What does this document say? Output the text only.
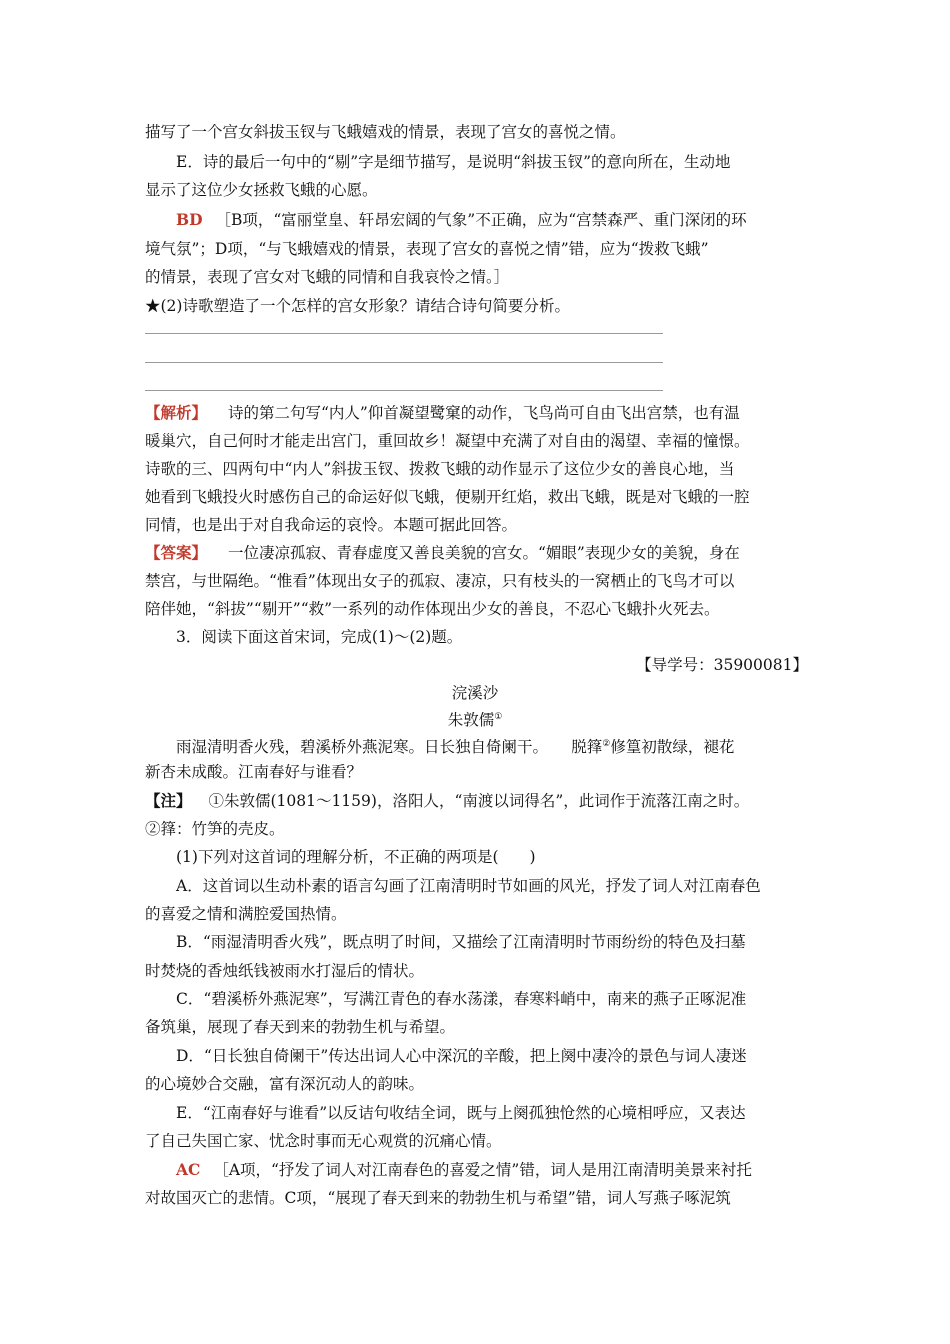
描写了一个宫女斜拔玉钗与飞蛾嬉戏的情景，表现了宫女的喜悦之情。
E．诗的最后一句中的“剔”字是细节描写，是说明“斜拔玉钗”的意向所在，生动地
显示了这位少女拯救飞蛾的心愿。
BD ［B项，“富丽堂皇、轩昂宏阔的气象”不正确，应为“宫禁森严、重门深闭的环
境气氛”；D项，“与飞蛾嬉戏的情景，表现了宫女的喜悦之情”错，应为“拨救飞蛾”
的情景，表现了宫女对飞蛾的同情和自我哀怜之情。］
★(2)诗歌塑造了一个怎样的宫女形象？请结合诗句简要分析。
【解析】 诗的第二句写“内人”仰首凝望鹭窠的动作，飞鸟尚可自由飞出宫禁，也有温
暖巢穴，自己何时才能走出宫门，重回故乡！凝望中充满了对自由的渴望、幸福的憧憬。
诗歌的三、四两句中“内人”斜拔玉钗、拨救飞蛾的动作显示了这位少女的善良心地，当
她看到飞蛾投火时感伤自己的命运好似飞蛾，便剔开红焰，救出飞蛾，既是对飞蛾的一腔
同情，也是出于对自我命运的哀怜。本题可据此回答。
【答案】 一位凄凉孤寂、青春虚度又善良美貌的宫女。“媚眼”表现少女的美貌，身在
禁宫，与世隔绝。“惟看”体现出女子的孤寂、凄凉，只有枝头的一窝栖止的飞鸟才可以
陪伴她，“斜拔”“剔开”“救”一系列的动作体现出少女的善良，不忍心飞蛾扑火死去。
3．阅读下面这首宋词，完成(1)～(2)题。
【导学号：35900081】
浣溪沙
朱敦儒①
雨湿清明香火残，碧溪桥外燕泥寒。日长独自倚阑干。　　脱箨②修篁初散绿，褪花
新杏未成酸。江南春好与谁看？
【注】 ①朱敦儒(1081～1159)，洛阳人，“南渡以词得名”，此词作于流落江南之时。
②箨：竹笋的壳皮。
(1)下列对这首词的理解分析，不正确的两项是(　　)
A．这首词以生动朴素的语言勾画了江南清明时节如画的风光，抒发了词人对江南春色
的喜爱之情和满腔爱国热情。
B．“雨湿清明香火残”，既点明了时间，又描绘了江南清明时节雨纷纷的特色及扫墓
时焚烧的香烛纸钱被雨水打湿后的情状。
C．“碧溪桥外燕泥寒”，写满江青色的春水荡漾，春寒料峭中，南来的燕子正啄泥准
备筑巢，展现了春天到来的勃勃生机与希望。
D．“日长独自倚阑干”传达出词人心中深沉的辛酸，把上阕中凄冷的景色与词人凄迷
的心境妙合交融，富有深沉动人的韵味。
E．“江南春好与谁看”以反诘句收结全词，既与上阕孤独怆然的心境相呼应，又表达
了自己失国亡家、忧念时事而无心观赏的沉痛心情。
AC ［A项，“抒发了词人对江南春色的喜爱之情”错，词人是用江南清明美景来衬托
对故国灭亡的悲情。C项，“展现了春天到来的勃勃生机与希望”错，词人写燕子啄泥筑
